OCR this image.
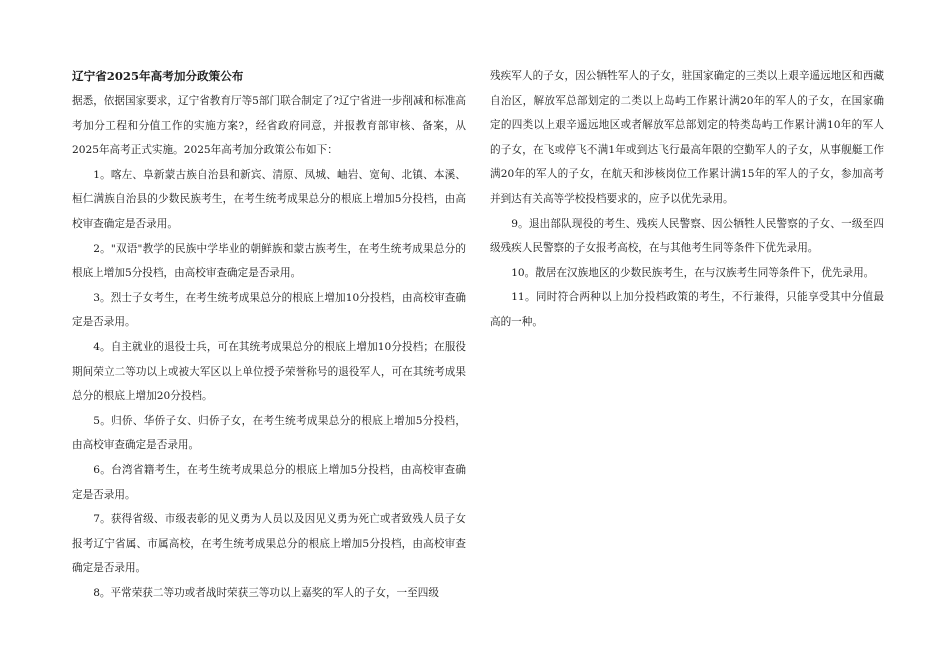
辽宁省2025年高考加分政策公布

据悉，依据国家要求，辽宁省教育厅等5部门联合制定了?辽宁省进一步削减和标准高考加分工程和分值工作的实施方案?，经省政府同意，并报教育部审核、备案，从2025年高考正式实施。2025年高考加分政策公布如下：

1。喀左、阜新蒙古族自治县和新宾、清原、凤城、岫岩、宽甸、北镇、本溪、桓仁满族自治县的少数民族考生，在考生统考成果总分的根底上增加5分投档，由高校审查确定是否录用。

2。"双语"教学的民族中学毕业的朝鲜族和蒙古族考生，在考生统考成果总分的根底上增加5分投档，由高校审查确定是否录用。

3。烈士子女考生，在考生统考成果总分的根底上增加10分投档，由高校审查确定是否录用。

4。自主就业的退役士兵，可在其统考成果总分的根底上增加10分投档；在服役期间荣立二等功以上或被大军区以上单位授予荣誉称号的退役军人，可在其统考成果总分的根底上增加20分投档。

5。归侨、华侨子女、归侨子女，在考生统考成果总分的根底上增加5分投档，由高校审查确定是否录用。

6。台湾省籍考生，在考生统考成果总分的根底上增加5分投档，由高校审查确定是否录用。

7。获得省级、市级表彰的见义勇为人员以及因见义勇为死亡或者致残人员子女报考辽宁省属、市属高校，在考生统考成果总分的根底上增加5分投档，由高校审查确定是否录用。

8。平常荣获二等功或者战时荣获三等功以上嘉奖的军人的子女，一至四级

残疾军人的子女，因公牺牲军人的子女，驻国家确定的三类以上艰辛遥远地区和西藏自治区，解放军总部划定的二类以上岛屿工作累计满20年的军人的子女，在国家确定的四类以上艰辛遥远地区或者解放军总部划定的特类岛屿工作累计满10年的军人的子女，在飞或停飞不满1年或到达飞行最高年限的空勤军人的子女，从事舰艇工作满20年的军人的子女，在航天和涉核岗位工作累计满15年的军人的子女，参加高考并到达有关高等学校投档要求的，应予以优先录用。

9。退出部队现役的考生、残疾人民警察、因公牺牲人民警察的子女、一级至四级残疾人民警察的子女报考高校，在与其他考生同等条件下优先录用。

10。散居在汉族地区的少数民族考生，在与汉族考生同等条件下，优先录用。

11。同时符合两种以上加分投档政策的考生，不行兼得，只能享受其中分值最高的一种。
